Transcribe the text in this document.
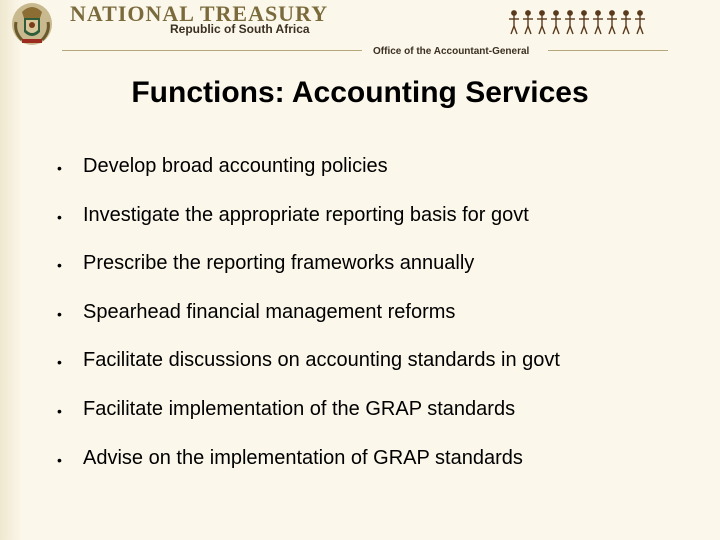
NATIONAL TREASURY
Republic of South Africa
Office of the Accountant-General
Functions: Accounting Services
• Develop broad accounting policies
• Investigate the appropriate reporting basis for govt
• Prescribe the reporting frameworks annually
• Spearhead financial management reforms
• Facilitate discussions on accounting standards in govt
• Facilitate implementation of the GRAP standards
• Advise on the implementation of GRAP standards
